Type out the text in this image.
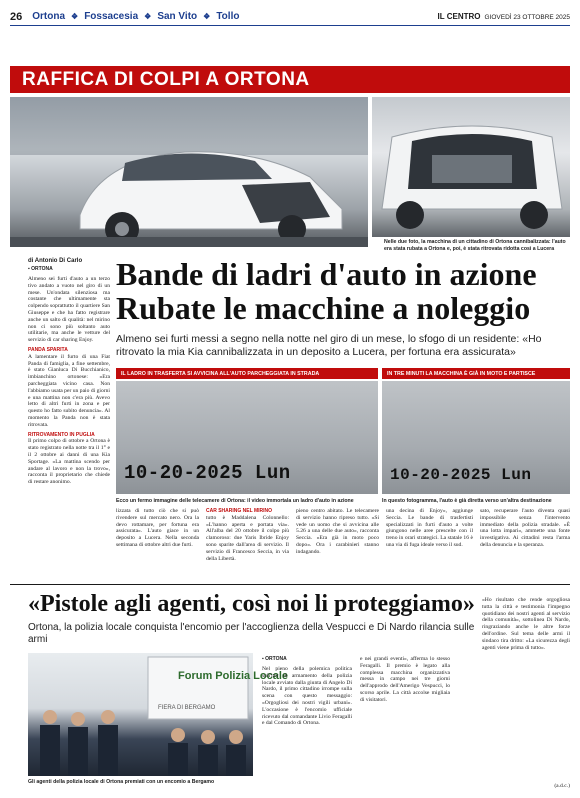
26 Ortona ❖ Fossacesia ❖ San Vito ❖ Tollo	IL CENTRO GIOVEDÌ 23 OTTOBRE 2025
RAFFICA DI COLPI A ORTONA
Nelle due foto, la macchina di un cittadino di Ortona cannibalizzata: l'auto era stata rubata a Ortona e, poi, è stata ritrovata ridotta così a Lucera
di Antonio Di Carlo
▪ ORTONA

Almeno sei furti d'auto a un terzo tivo andato a vuoto nel giro di un mese. Un'ondata silenziosa ma costante che ultimamente sta colpendo soprattutto il quartiere San Giuseppe e che ha fatto registrare anche un salto di qualità: nel mirino non ci sono più soltanto auto utilitarie, ma anche le vetture del servizio di car sharing Enjoy.

PANDA SPARITA

A lamentare il furto di una Fiat Panda di famiglia, a fine settembre, è stato Gianluca Di Bucchianico, imbianchino ortonese: «Era parcheggiata vicino casa. Non l'abbiamo usata per un paio di giorni e una mattina non c'era più. Avevo letto di altri furti in zona e per questo ho fatto subito denuncia». Al momento la Panda non è stata ritrovata.

RITROVAMENTO IN PUGLIA

Il primo colpo di ottobre a Ortona è stato registrato nella notte tra il 1° e il 2 ottobre ai danni di una Kia Sportage. «La mattina scendo per andare al lavoro e non la trovo», racconta il proprietario che chiede di restare anonimo.

Bande di ladri d'auto in azione Rubate le macchine a noleggio
Almeno sei furti messi a segno nella notte nel giro di un mese, lo sfogo di un residente: «Ho ritrovato la mia Kia cannibalizzata in un deposito a Lucera, per fortuna era assicurata»
IL LADRO IN TRASFERTA SI AVVICINA ALL'AUTO PARCHEGGIATA IN STRADA	IN TRE MINUTI LA MACCHINA È GIÀ IN MOTO E PARTISCE
10-20-2025 Lun	10-20-2025 Lun
Ecco un fermo immagine delle telecamere di Ortona: il video immortala un ladro d'auto in azione	In questo fotogramma, l'auto è già diretta verso un'altra destinazione
lizzata di tutto ciò che si può rivendere sul mercato nero. Ora la devo rottamare, per fortuna era assicurata». L'auto giace in un deposito a Lucera. Nella seconda settimana di ottobre altri due furti.
CAR SHARING NEL MIRINO
tutto è Maddalena Colonnello: «L'hanno aperta e portata via». All'alba del 20 ottobre il colpo più clamoroso: due Yaris Ibride Enjoy sono sparite dall'area di servizio. Il servizio di Francesco Seccia, in via della Libertà.
pieno centro abitato. Le telecamere di servizio hanno ripreso tutto. «Si vede un uomo che si avvicina alle 5.26 a una delle due auto», racconta Seccia. «Era già in moto poco dopo». Ora i carabinieri stanno indagando.
una decina di Enjoy», aggiunge Seccia. Le bande di trasfertisti specializzati in furti d'auto a volte giungono nelle aree prescelte con il treno in orari strategici. La statale 16 è una via di fuga ideale verso il sud.
sato, recuperare l'auto diventa quasi impossibile senza l'intervento immediato della polizia stradale. «È una lotta impari», ammette una fonte investigativa. Ai cittadini resta l'arma della denuncia e la speranza.
«Pistole agli agenti, così noi li proteggiamo»
Ortona, la polizia locale conquista l'encomio per l'accoglienza della Vespucci e Di Nardo rilancia sulle armi
Forum Polizia Locale
FIERA DI BERGAMO
Gli agenti della polizia locale di Ortona premiati con un encomio a Bergamo
▪ ORTONA
Nel pieno della polemica politica sull'iter di armamento della polizia locale avviato dalla giunta di Angelo Di Nardo, il primo cittadino irrompe sulla scena con questo messaggio: «Orgogliosi dei nostri vigili urbani». L'occasione è l'encomio ufficiale ricevuto dal comandante Livio Feragalli e dal Comando di Ortona.
e nei grandi eventi», afferma lo stesso Feragalli. Il premio è legato alla complessa macchina organizzativa messa in campo nei tre giorni dell'approdo dell'Amerigo Vespucci, lo scorso aprile. La città accolse migliaia di visitatori.
«Ho risultato che rende orgogliosa tutta la città e testimonia l'impegno quotidiano dei nostri agenti al servizio della comunità», sottolinea Di Nardo, ringraziando anche le altre forze dell'ordine. Sul tema delle armi il sindaco tira dritto: «La sicurezza degli agenti viene prima di tutto».
(a.d.c.)
